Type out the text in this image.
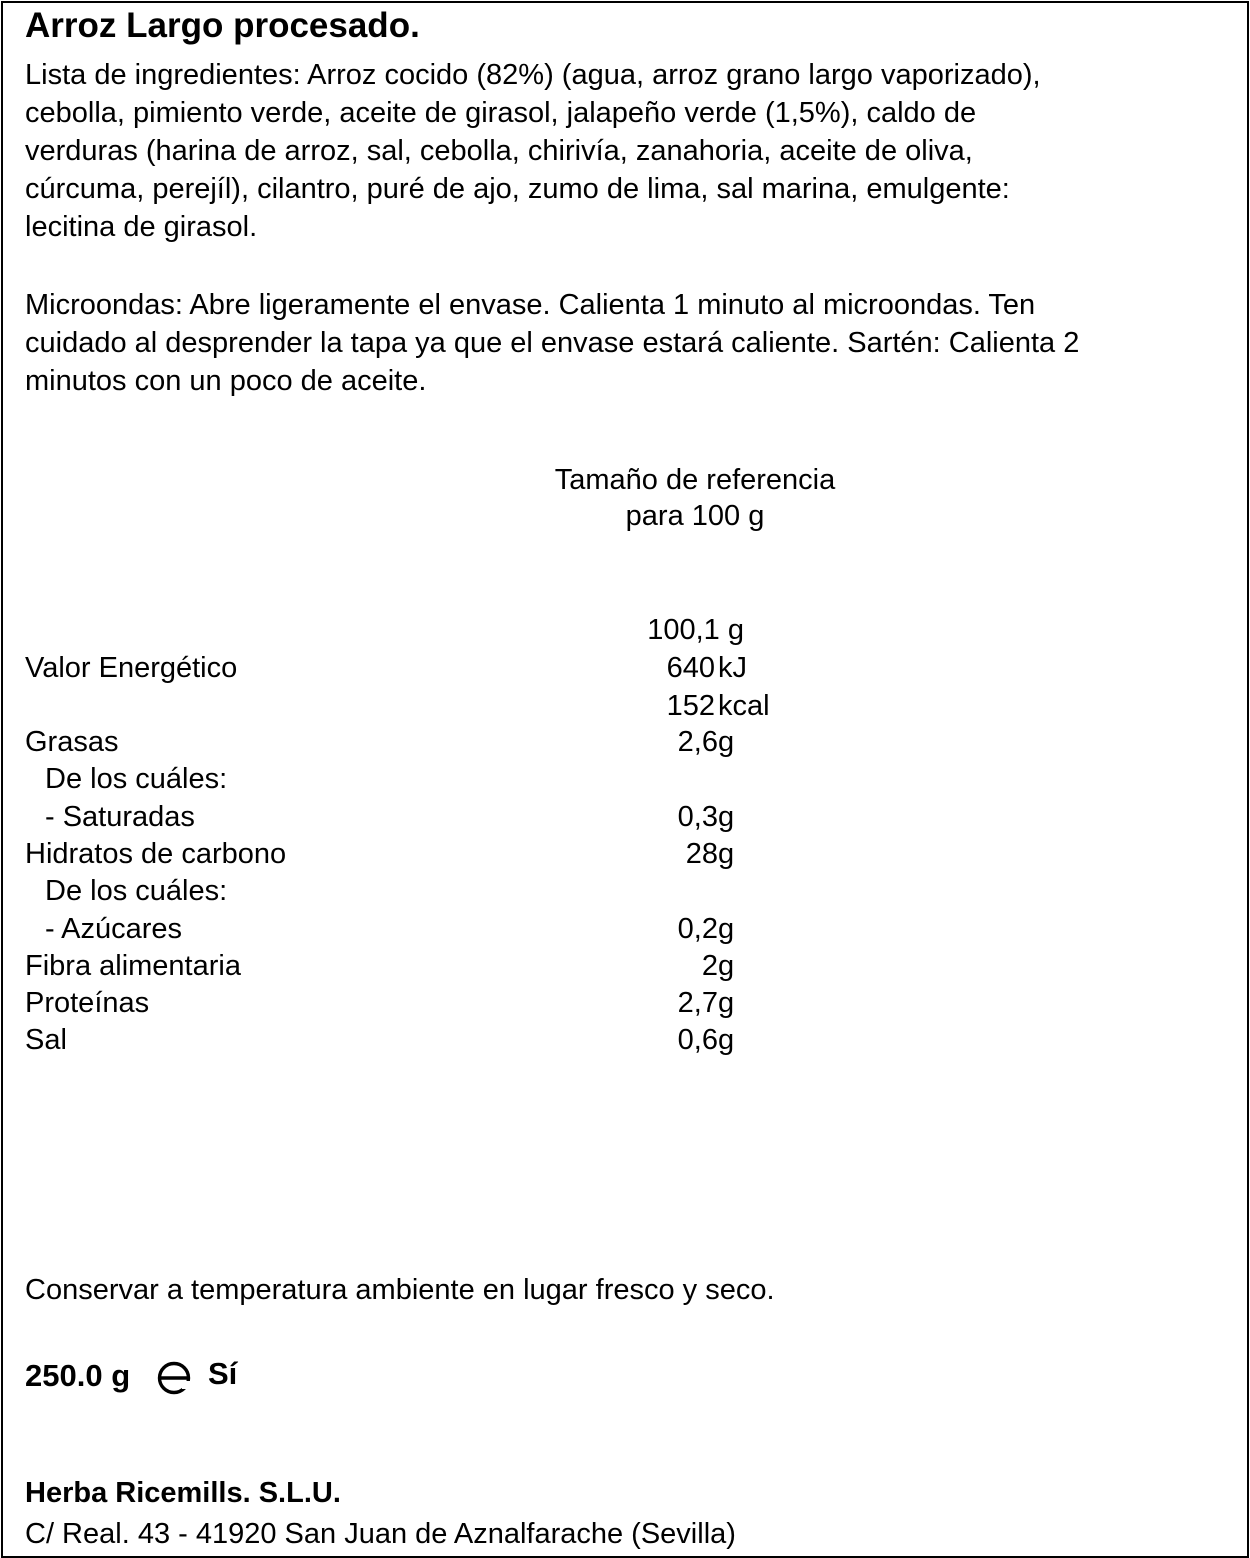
Arroz Largo procesado.
Lista de ingredientes: Arroz cocido (82%) (agua, arroz grano largo vaporizado),
cebolla, pimiento verde, aceite de girasol, jalapeño verde (1,5%), caldo de
verduras (harina de arroz, sal, cebolla, chirivía, zanahoria, aceite de oliva,
cúrcuma, perejíl), cilantro, puré de ajo, zumo de lima, sal marina, emulgente:
lecitina de girasol.
Microondas: Abre ligeramente el envase. Calienta 1 minuto al microondas. Ten
cuidado al desprender la tapa ya que el envase estará caliente. Sartén: Calienta 2
minutos con un poco de aceite.
Tamaño de referencia
para 100 g
100,1 g
Valor Energético	640 kJ
152 kcal
Grasas	2,6 g
De los cuáles:
- Saturadas	0,3 g
Hidratos de carbono	28 g
De los cuáles:
- Azúcares	0,2 g
Fibra alimentaria	2 g
Proteínas	2,7 g
Sal	0,6 g
Conservar a temperatura ambiente en lugar fresco y seco.
250.0 g	Sí
Herba Ricemills. S.L.U.
C/ Real. 43 - 41920 San Juan de Aznalfarache (Sevilla)
